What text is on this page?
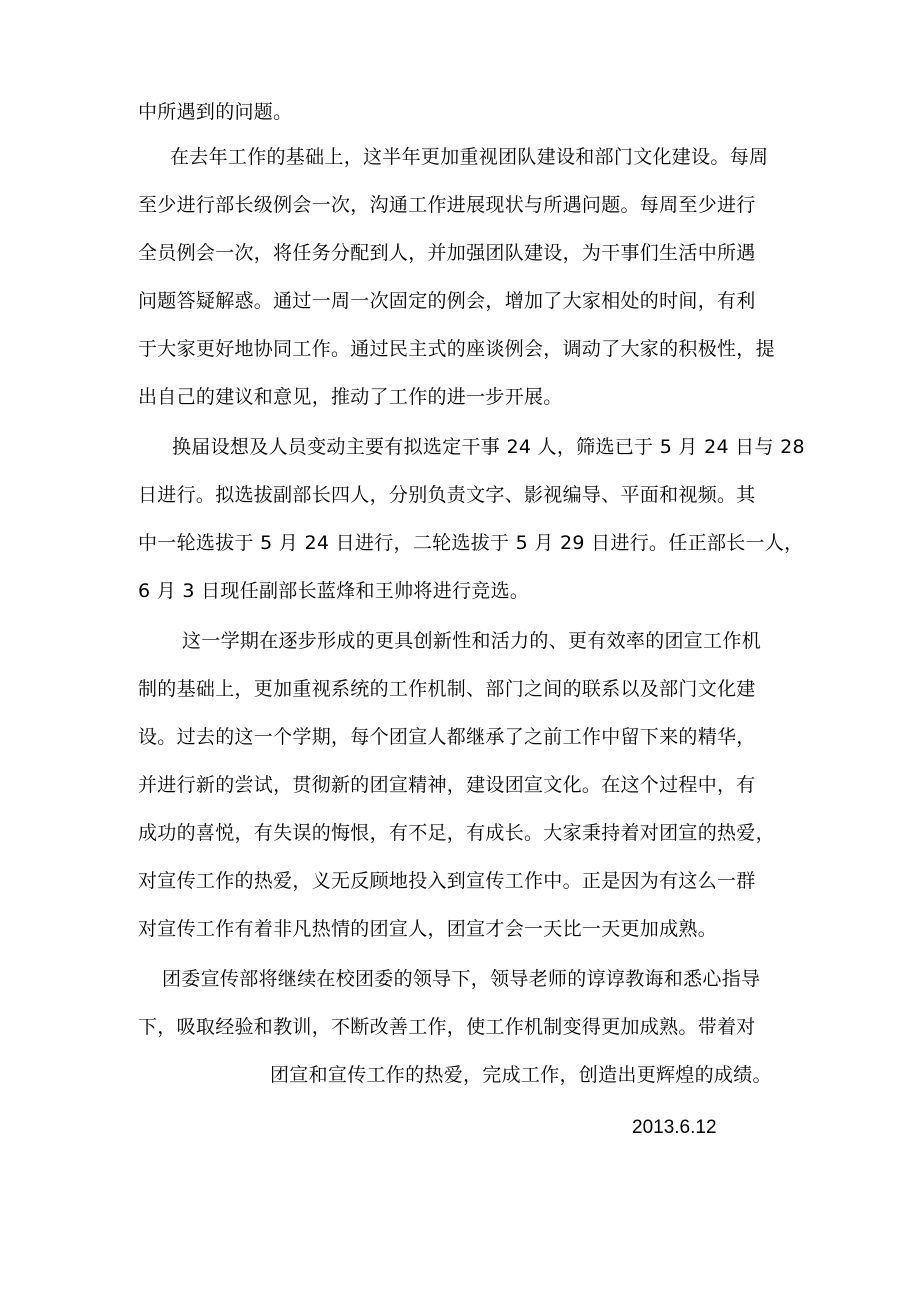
中所遇到的问题。
在去年工作的基础上，这半年更加重视团队建设和部门文化建设。每周
至少进行部长级例会一次，沟通工作进展现状与所遇问题。每周至少进行
全员例会一次，将任务分配到人，并加强团队建设，为干事们生活中所遇
问题答疑解惑。通过一周一次固定的例会，增加了大家相处的时间，有利
于大家更好地协同工作。通过民主式的座谈例会，调动了大家的积极性，提
出自己的建议和意见，推动了工作的进一步开展。
换届设想及人员变动主要有拟选定干事 24 人，筛选已于 5 月 24 日与 28
日进行。拟选拔副部长四人，分别负责文字、影视编导、平面和视频。其
中一轮选拔于 5 月 24 日进行，二轮选拔于 5 月 29 日进行。任正部长一人，
6 月 3 日现任副部长蓝烽和王帅将进行竞选。
这一学期在逐步形成的更具创新性和活力的、更有效率的团宣工作机
制的基础上，更加重视系统的工作机制、部门之间的联系以及部门文化建
设。过去的这一个学期，每个团宣人都继承了之前工作中留下来的精华，
并进行新的尝试，贯彻新的团宣精神，建设团宣文化。在这个过程中，有
成功的喜悦，有失误的悔恨，有不足，有成长。大家秉持着对团宣的热爱，
对宣传工作的热爱，义无反顾地投入到宣传工作中。正是因为有这么一群
对宣传工作有着非凡热情的团宣人，团宣才会一天比一天更加成熟。
团委宣传部将继续在校团委的领导下，领导老师的谆谆教诲和悉心指导
下，吸取经验和教训，不断改善工作，使工作机制变得更加成熟。带着对
团宣和宣传工作的热爱，完成工作，创造出更辉煌的成绩。
2013.6.12
